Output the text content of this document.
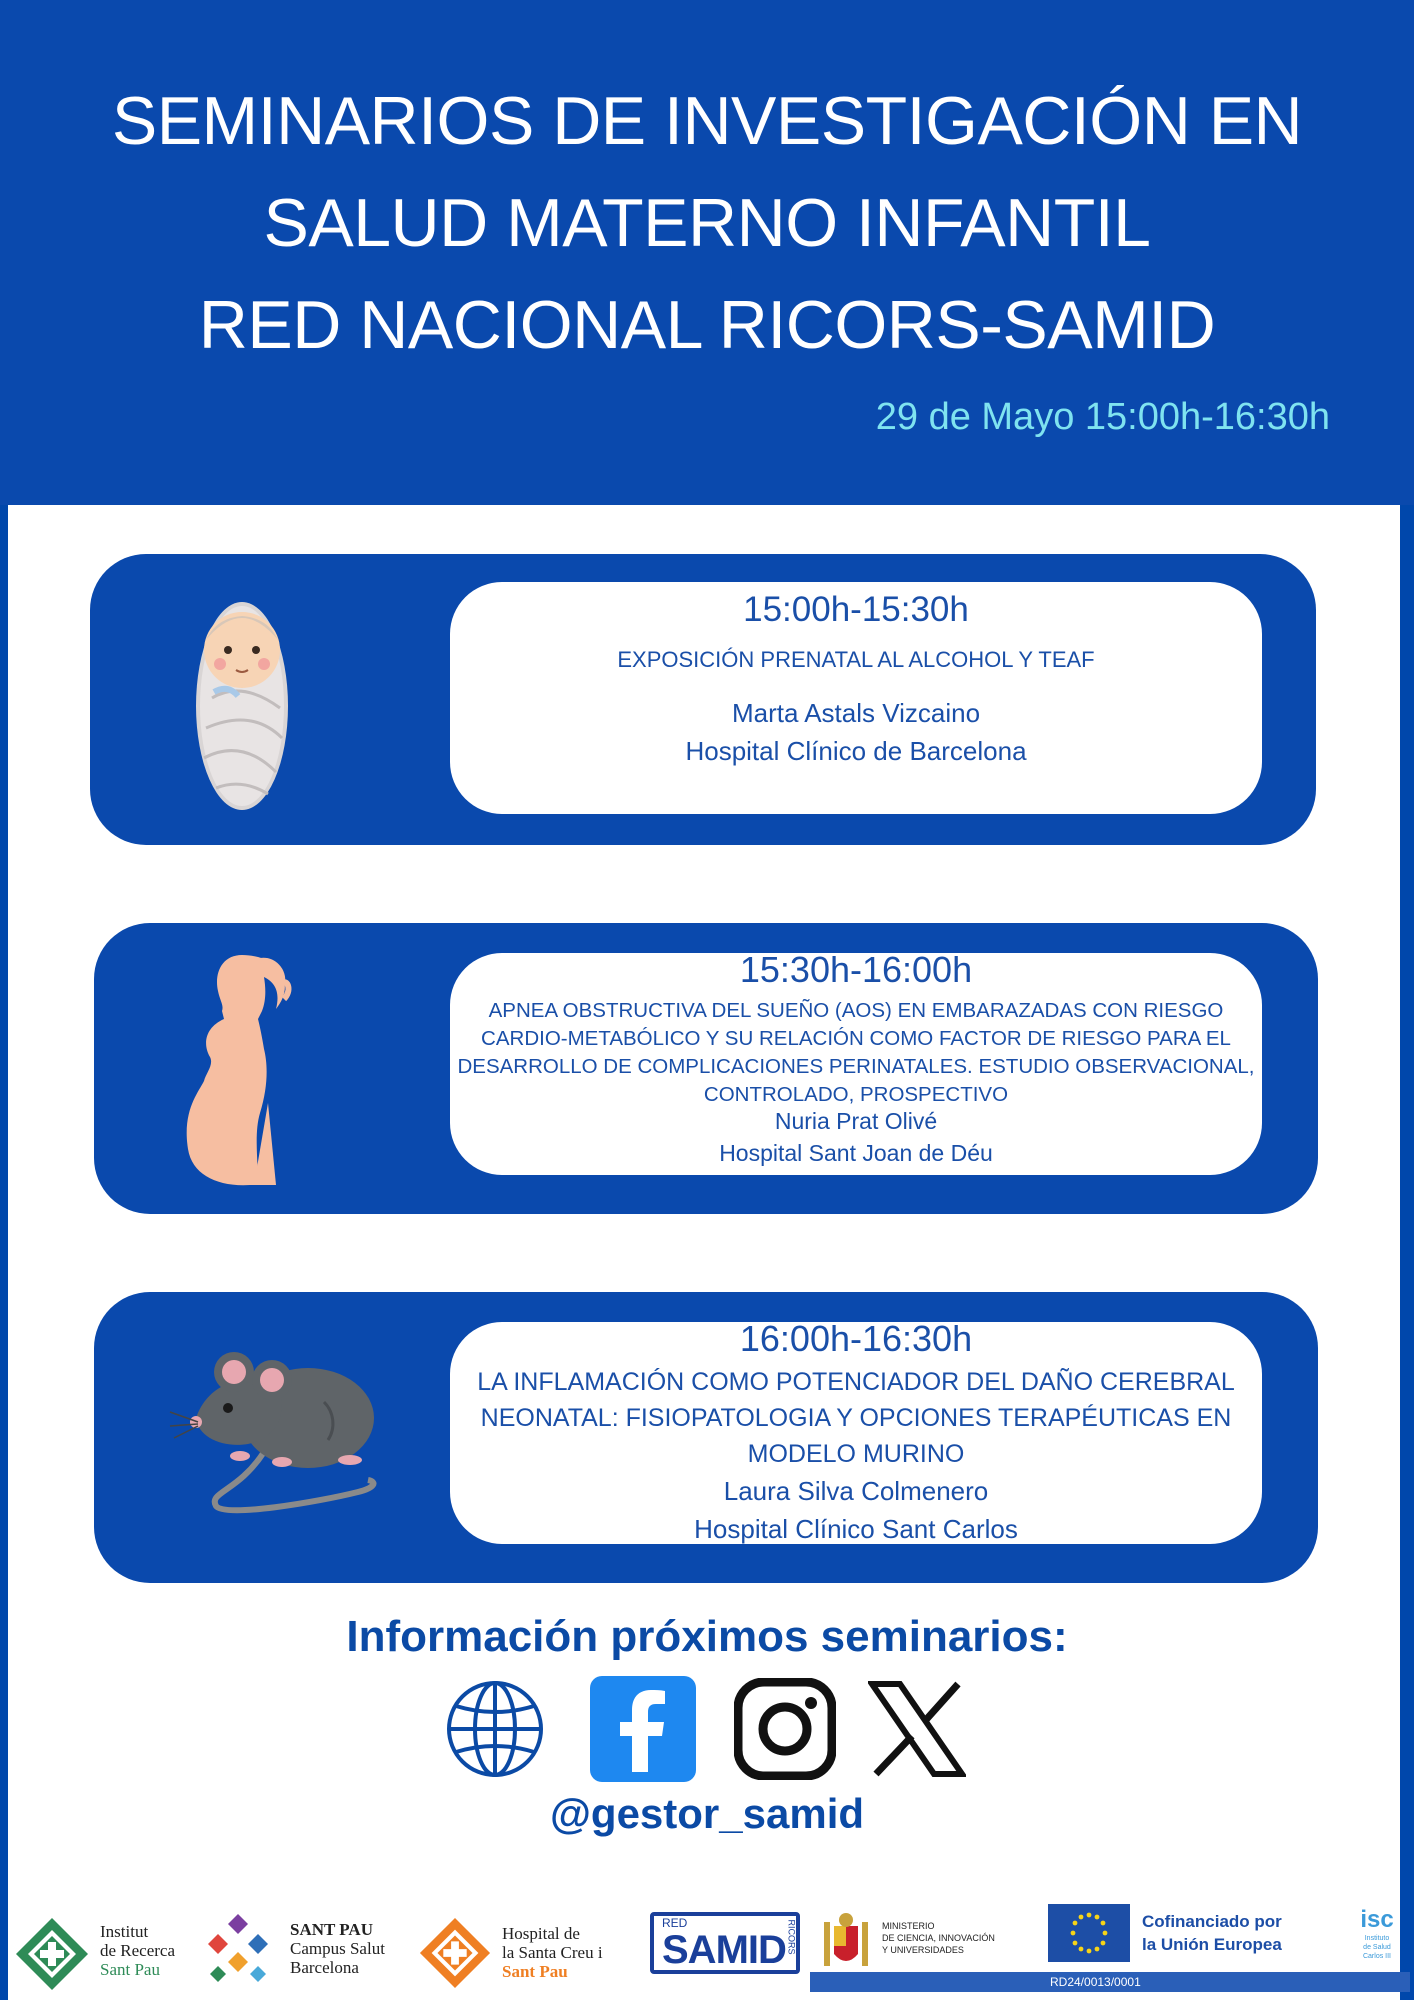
SEMINARIOS DE INVESTIGACIÓN EN
SALUD MATERNO INFANTIL
RED NACIONAL RICORS-SAMID
29 de Mayo 15:00h-16:30h
15:00h-15:30h
EXPOSICIÓN PRENATAL AL ALCOHOL Y TEAF
Marta Astals Vizcaino
Hospital Clínico de Barcelona
15:30h-16:00h
APNEA OBSTRUCTIVA DEL SUEÑO (AOS) EN EMBARAZADAS CON RIESGO CARDIO-METABÓLICO Y SU RELACIÓN COMO FACTOR DE RIESGO PARA EL DESARROLLO DE COMPLICACIONES PERINATALES. ESTUDIO OBSERVACIONAL, CONTROLADO, PROSPECTIVO
Nuria Prat Olivé
Hospital Sant Joan de Déu
16:00h-16:30h
LA INFLAMACIÓN COMO POTENCIADOR DEL DAÑO CEREBRAL NEONATAL: FISIOPATOLOGIA Y OPCIONES TERAPÉUTICAS EN MODELO MURINO
Laura Silva Colmenero
Hospital Clínico Sant Carlos
Información próximos seminarios:
@gestor_samid
Institut
de Recerca
Sant Pau
SANT PAU
Campus Salut
Barcelona
Hospital de
la Santa Creu i
Sant Pau
RED
SAMID RICORS	MINISTERIO
DE CIENCIA, INNOVACIÓN
Y UNIVERSIDADES
Cofinanciado por
la Unión Europea
isc
Instituto
de Salud
Carlos III
RD24/0013/0001
